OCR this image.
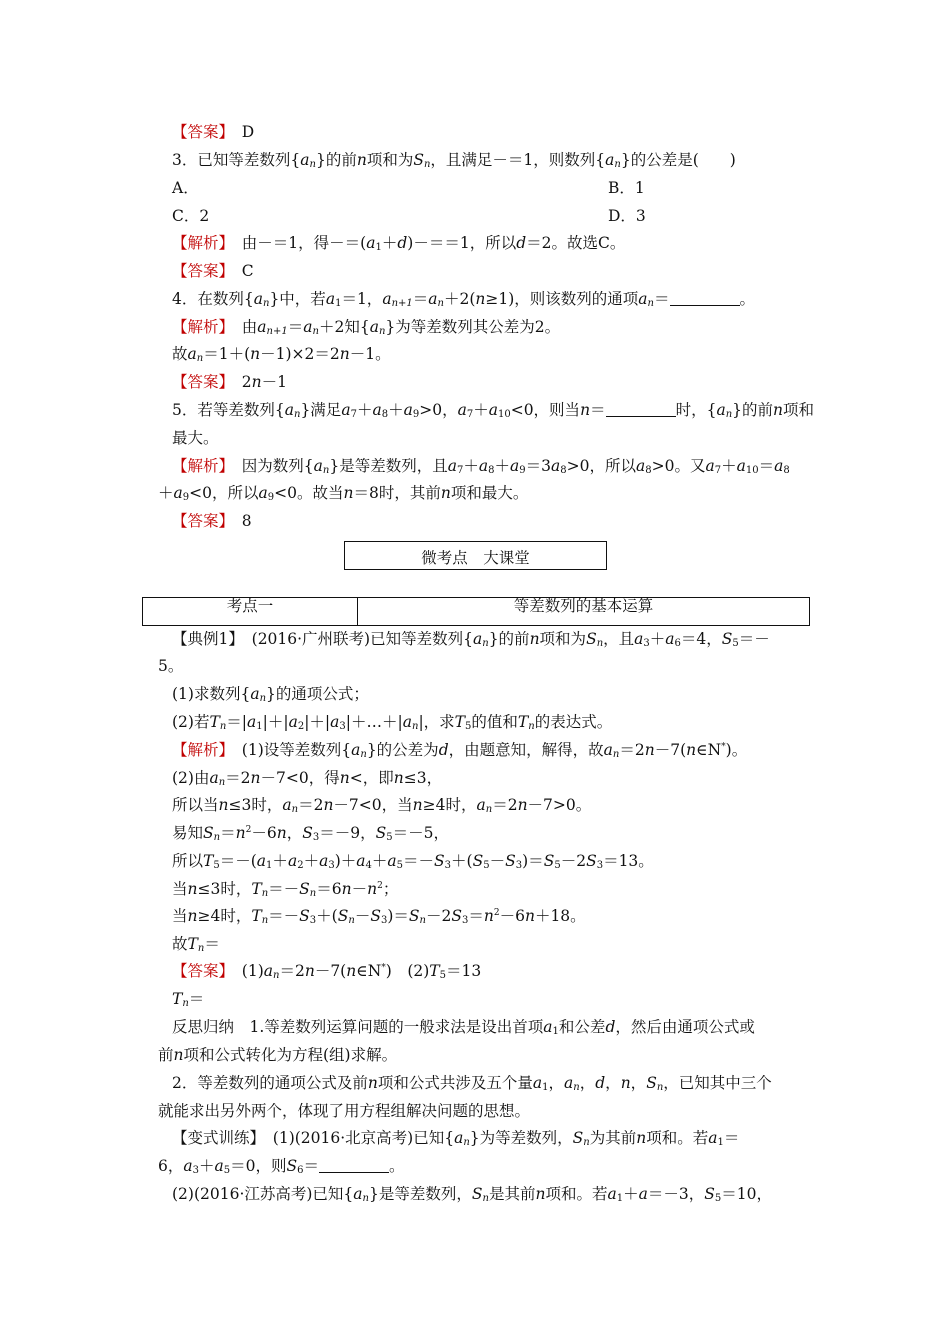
【答案】　 D
3．已知等差数列$\{a_n\}$的前n项和为$S_n$，且满足－＝1，则数列$\{a_n\}$的公差是(　　)
A．	B．1
C．2	D．3
【解析】　 由－＝1，得$-=(a_1+d)-==1$，所以d＝2。故选C。
【答案】　 C
4．在数列$\{a_n\}$中，若$a_1=1$，$a_{n+1}=a_n+2(n\ge 1)$，则该数列的通项$a_n=$	。
【解析】　 由$a_{n+1}=a_n+2$知$\{a_n\}$为等差数列其公差为2。
故$a_n=1+(n-1)\times 2=2n-1$。
【答案】　 2n－1
5．若等差数列$\{a_n\}$满足$a_7+a_8+a_9>0$，$a_7+a_{10}<0$，则当n＝	时，$\{a_n\}$的前n项和
最大。
【解析】　 因为数列$\{a_n\}$是等差数列，且$a_7+a_8+a_9=3a_8>0$，所以$a_8>0$。又$a_7+a_{10}=a_8$
$+a_9<0$，所以$a_9<0$。故当n＝8时，其前n项和最大。
【答案】　 8
微考点　大课堂
考点一	等差数列的基本运算
【典例1】　 (2016·广州联考)已知等差数列$\{a_n\}$的前n项和为$S_n$，且$a_3+a_6=4$，$S_5=-$
5。
(1)求数列$\{a_n\}$的通项公式；
(2)若$T_n=|a_1|+|a_2|+|a_3|+\dots+|a_n|$，求$T_5$的值和$T_n$的表达式。
【解析】　 (1)设等差数列$\{a_n\}$的公差为d，由题意知，解得，故$a_n=2n-7(n\in N^*)$。
(2)由$a_n=2n-7<0$，得n<，即n≤3，
所以当n≤3时，$a_n=2n-7<0$，当n≥4时，$a_n=2n-7>0$。
易知$S_n=n^2-6n$，$S_3=-9$，$S_5=-5$，
所以$T_5=-(a_1+a_2+a_3)+a_4+a_5=-S_3+(S_5-S_3)=S_5-2S_3=13$。
当n≤3时，$T_n=-S_n=6n-n^2$；
当n≥4时，$T_n=-S_3+(S_n-S_3)=S_n-2S_3=n^2-6n+18$。
故$T_n=$
【答案】　 $(1)a_n=2n-7(n\in N^*)$　$(2)T_5=13$
$T_n=$
反思归纳　1.等差数列运算问题的一般求法是设出首项$a_1$和公差d，然后由通项公式或
前n项和公式转化为方程(组)求解。
2．等差数列的通项公式及前n项和公式共涉及五个量$a_1$，$a_n$，d，n，$S_n$，已知其中三个
就能求出另外两个，体现了用方程组解决问题的思想。
【变式训练】　 (1)(2016·北京高考)已知$\{a_n\}$为等差数列，$S_n$为其前n项和。若$a_1=$
6，$a_3+a_5=0$，则$S_6=$	。
(2)(2016·江苏高考)已知$\{a_n\}$是等差数列，$S_n$是其前n项和。若$a_1+a=-3$，$S_5=10$，
